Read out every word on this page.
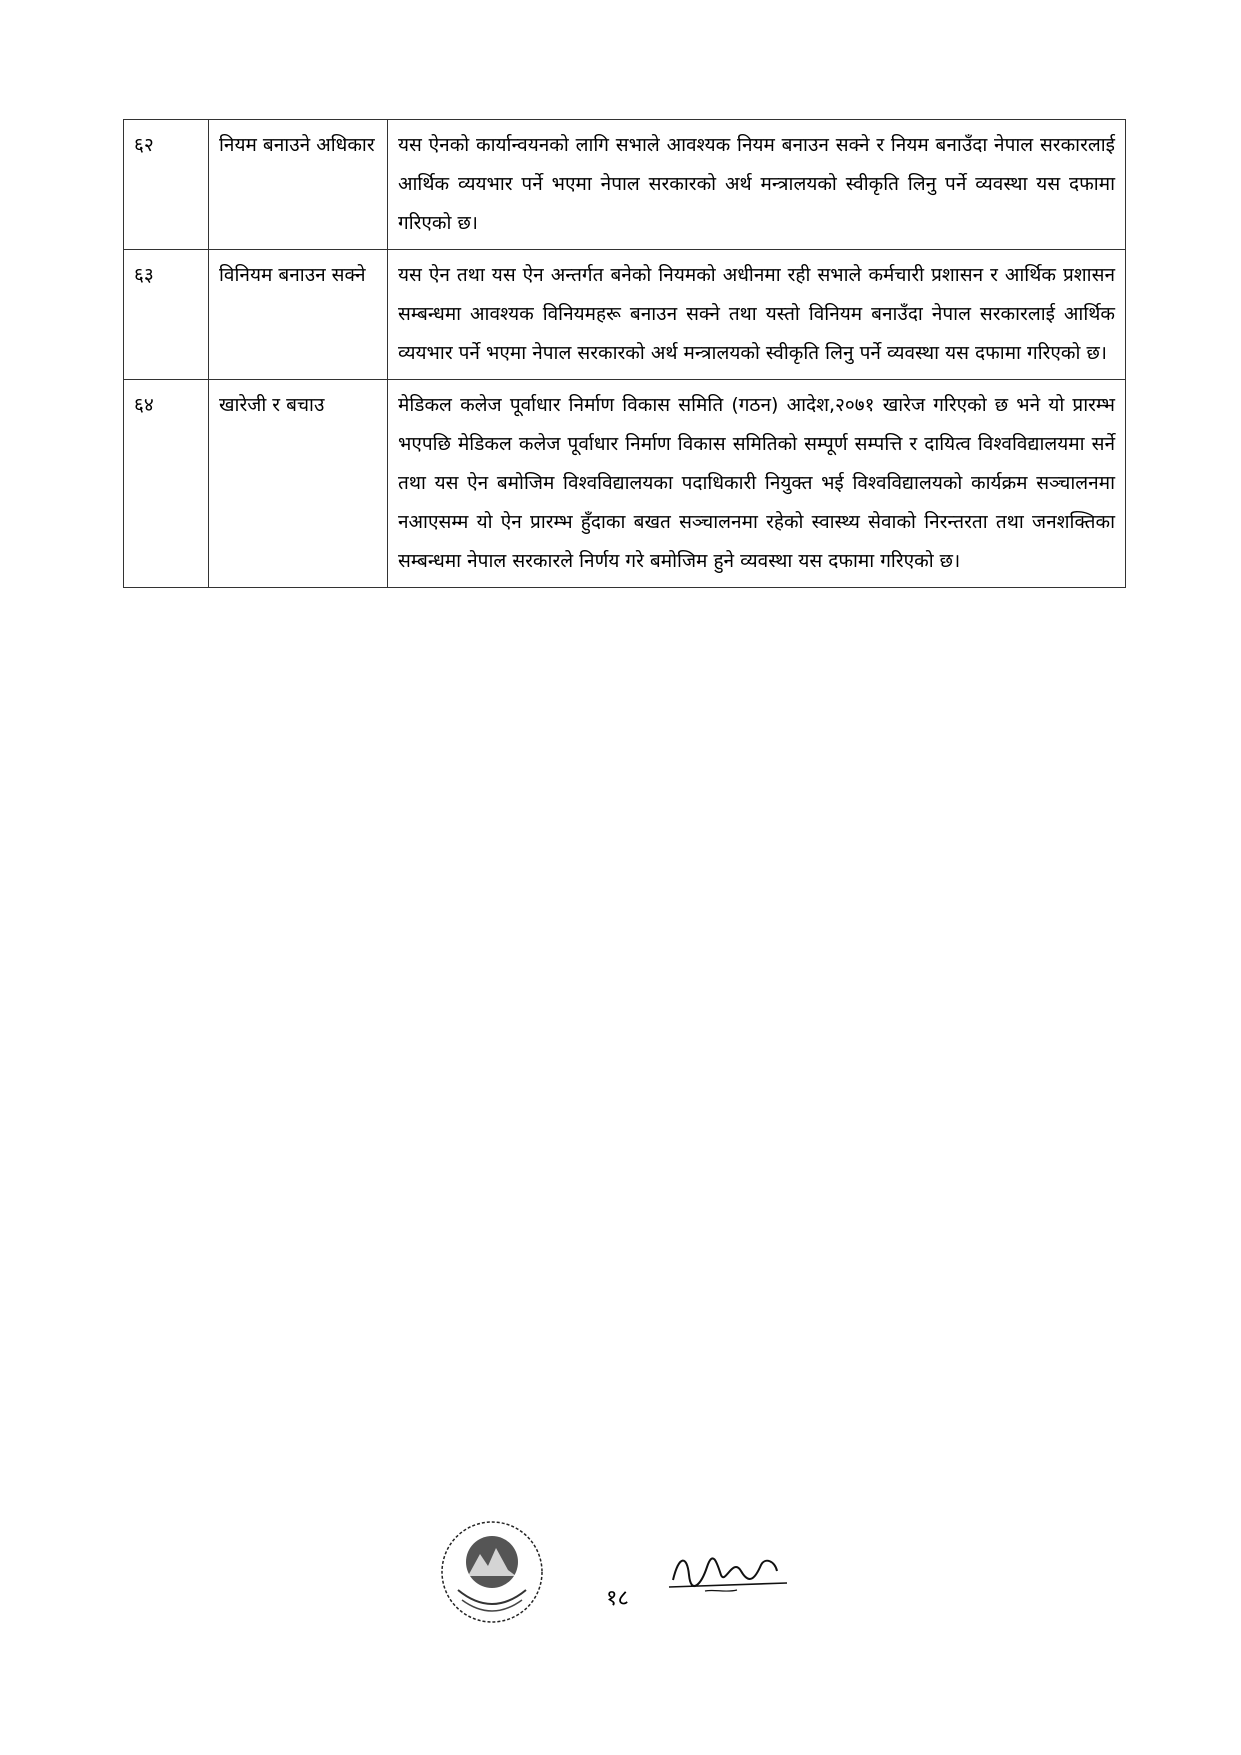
६२	नियम बनाउने अधिकार	यस ऐनको कार्यान्वयनको लागि सभाले आवश्यक नियम बनाउन सक्ने र नियम बनाउँदा नेपाल सरकारलाई आर्थिक व्ययभार पर्ने भएमा नेपाल सरकारको अर्थ मन्त्रालयको स्वीकृति लिनु पर्ने व्यवस्था यस दफामा गरिएको छ।
६३	विनियम बनाउन सक्ने	यस ऐन तथा यस ऐन अन्तर्गत बनेको नियमको अधीनमा रही सभाले कर्मचारी प्रशासन र आर्थिक प्रशासन सम्बन्धमा आवश्यक विनियमहरू बनाउन सक्ने तथा यस्तो विनियम बनाउँदा नेपाल सरकारलाई आर्थिक व्ययभार पर्ने भएमा नेपाल सरकारको अर्थ मन्त्रालयको स्वीकृति लिनु पर्ने व्यवस्था यस दफामा गरिएको छ।
६४	खारेजी र बचाउ	मेडिकल कलेज पूर्वाधार निर्माण विकास समिति (गठन) आदेश,२०७१ खारेज गरिएको छ भने यो प्रारम्भ भएपछि मेडिकल कलेज पूर्वाधार निर्माण विकास समितिको सम्पूर्ण सम्पत्ति र दायित्व विश्वविद्यालयमा सर्ने तथा यस ऐन बमोजिम विश्वविद्यालयका पदाधिकारी नियुक्त भई विश्वविद्यालयको कार्यक्रम सञ्चालनमा नआएसम्म यो ऐन प्रारम्भ हुँदाका बखत सञ्चालनमा रहेको स्वास्थ्य सेवाको निरन्तरता तथा जनशक्तिका सम्बन्धमा नेपाल सरकारले निर्णय गरे बमोजिम हुने व्यवस्था यस दफामा गरिएको छ।
१८
